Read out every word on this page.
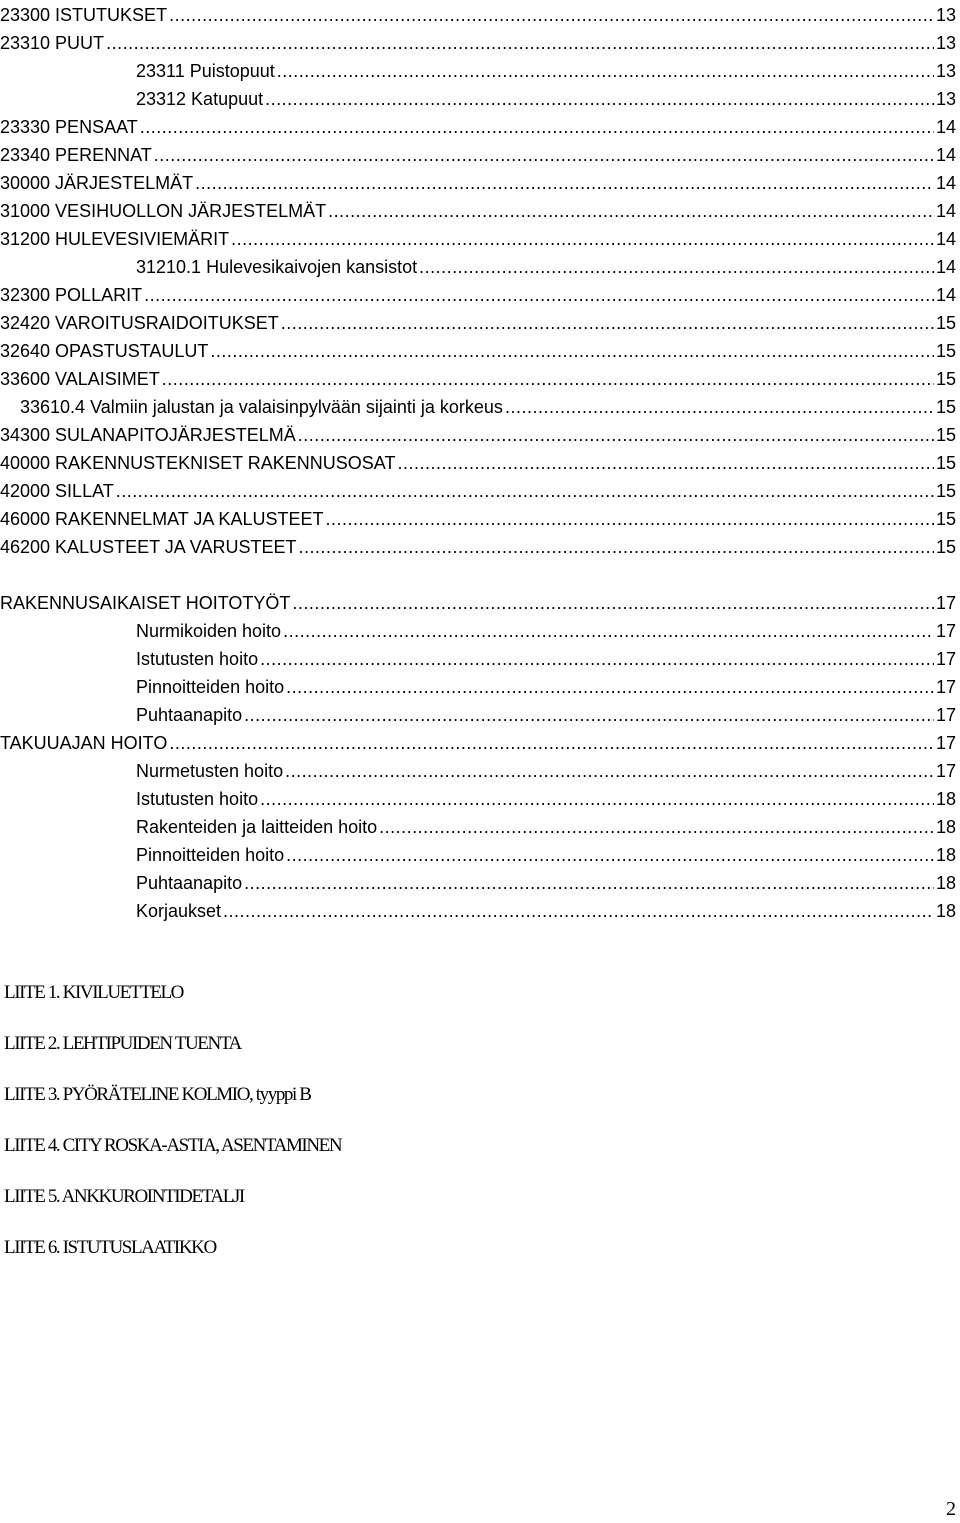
23300 ISTUTUKSET .....	13
23310 PUUT .....	13
23311 Puistopuut .....	13
23312 Katupuut .....	13
23330 PENSAAT .....	14
23340 PERENNAT .....	14
30000 JÄRJESTELMÄT .....	14
31000 VESIHUOLLON JÄRJESTELMÄT .....	14
31200 HULEVESIVIEMÄRIT .....	14
31210.1 Hulevesikaivojen kansistot .....	14
32300 POLLARIT .....	14
32420 VAROITUSRAIDOITUKSET .....	15
32640 OPASTUSTAULUT .....	15
33600 VALAISIMET .....	15
33610.4 Valmiin jalustan ja valaisinpylvään sijainti ja korkeus .....	15
34300 SULANAPITOJÄRJESTELMÄ .....	15
40000 RAKENNUSTEKNISET RAKENNUSOSAT .....	15
42000 SILLAT .....	15
46000 RAKENNELMAT JA KALUSTEET .....	15
46200 KALUSTEET JA VARUSTEET .....	15
RAKENNUSAIKAISET HOITOTYÖT .....	17
Nurmikoiden hoito .....	17
Istutusten hoito .....	17
Pinnoitteiden hoito .....	17
Puhtaanapito .....	17
TAKUUAJAN HOITO .....	17
Nurmetusten hoito .....	17
Istutusten hoito .....	18
Rakenteiden ja laitteiden hoito .....	18
Pinnoitteiden hoito .....	18
Puhtaanapito .....	18
Korjaukset .....	18
LIITE 1. KIVILUETTELO
LIITE 2. LEHTIPUIDEN TUENTA
LIITE 3. PYÖRÄTELINE KOLMIO, tyyppi B
LIITE 4. CITY ROSKA-ASTIA, ASENTAMINEN
LIITE 5. ANKKUROINTIDETALJI
LIITE 6. ISTUTUSLAATIKKO
2
